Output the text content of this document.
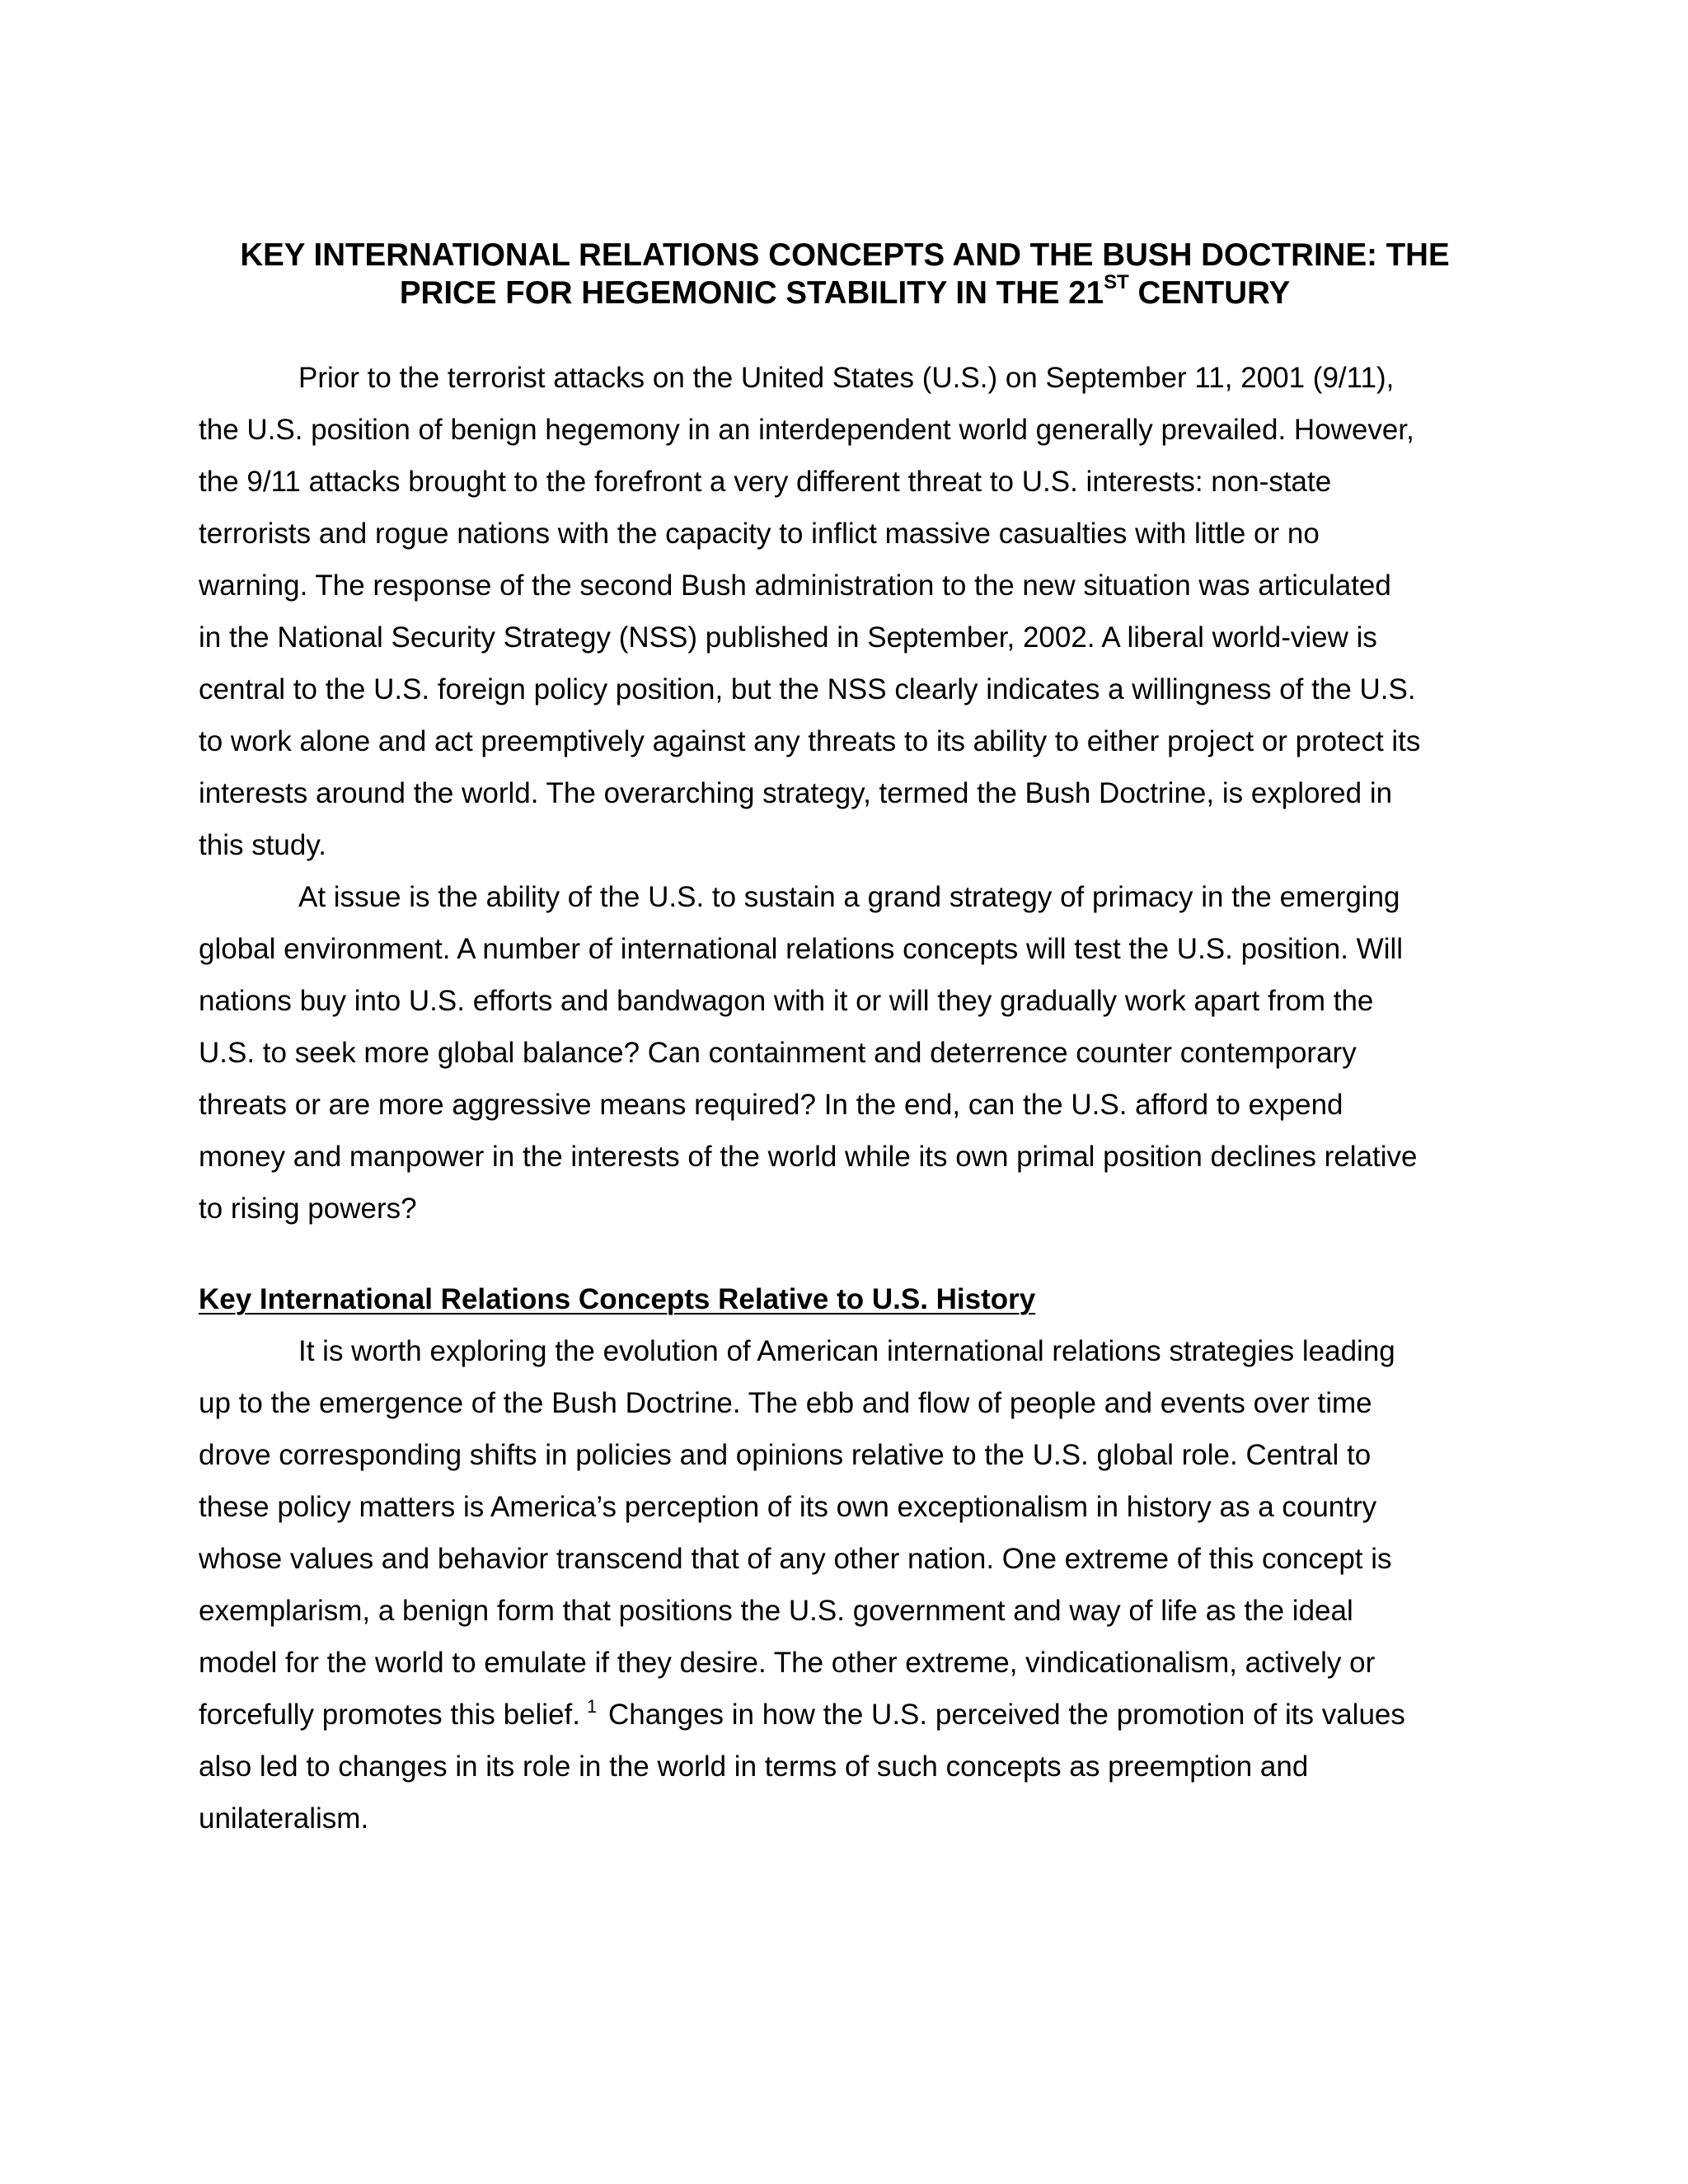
KEY INTERNATIONAL RELATIONS CONCEPTS AND THE BUSH DOCTRINE: THE
PRICE FOR HEGEMONIC STABILITY IN THE 21ST CENTURY

Prior to the terrorist attacks on the United States (U.S.) on September 11, 2001 (9/11),

the U.S. position of benign hegemony in an interdependent world generally prevailed. However,

the 9/11 attacks brought to the forefront a very different threat to U.S. interests: non-state

terrorists and rogue nations with the capacity to inflict massive casualties with little or no

warning. The response of the second Bush administration to the new situation was articulated

in the National Security Strategy (NSS) published in September, 2002. A liberal world-view is

central to the U.S. foreign policy position, but the NSS clearly indicates a willingness of the U.S.

to work alone and act preemptively against any threats to its ability to either project or protect its

interests around the world. The overarching strategy, termed the Bush Doctrine, is explored in

this study.

At issue is the ability of the U.S. to sustain a grand strategy of primacy in the emerging

global environment. A number of international relations concepts will test the U.S. position. Will

nations buy into U.S. efforts and bandwagon with it or will they gradually work apart from the

U.S. to seek more global balance? Can containment and deterrence counter contemporary

threats or are more aggressive means required? In the end, can the U.S. afford to expend

money and manpower in the interests of the world while its own primal position declines relative

to rising powers?

Key International Relations Concepts Relative to U.S. History

It is worth exploring the evolution of American international relations strategies leading

up to the emergence of the Bush Doctrine. The ebb and flow of people and events over time

drove corresponding shifts in policies and opinions relative to the U.S. global role. Central to

these policy matters is America’s perception of its own exceptionalism in history as a country

whose values and behavior transcend that of any other nation. One extreme of this concept is

exemplarism, a benign form that positions the U.S. government and way of life as the ideal

model for the world to emulate if they desire. The other extreme, vindicationalism, actively or

forcefully promotes this belief. $^1$ Changes in how the U.S. perceived the promotion of its values

also led to changes in its role in the world in terms of such concepts as preemption and

unilateralism.
